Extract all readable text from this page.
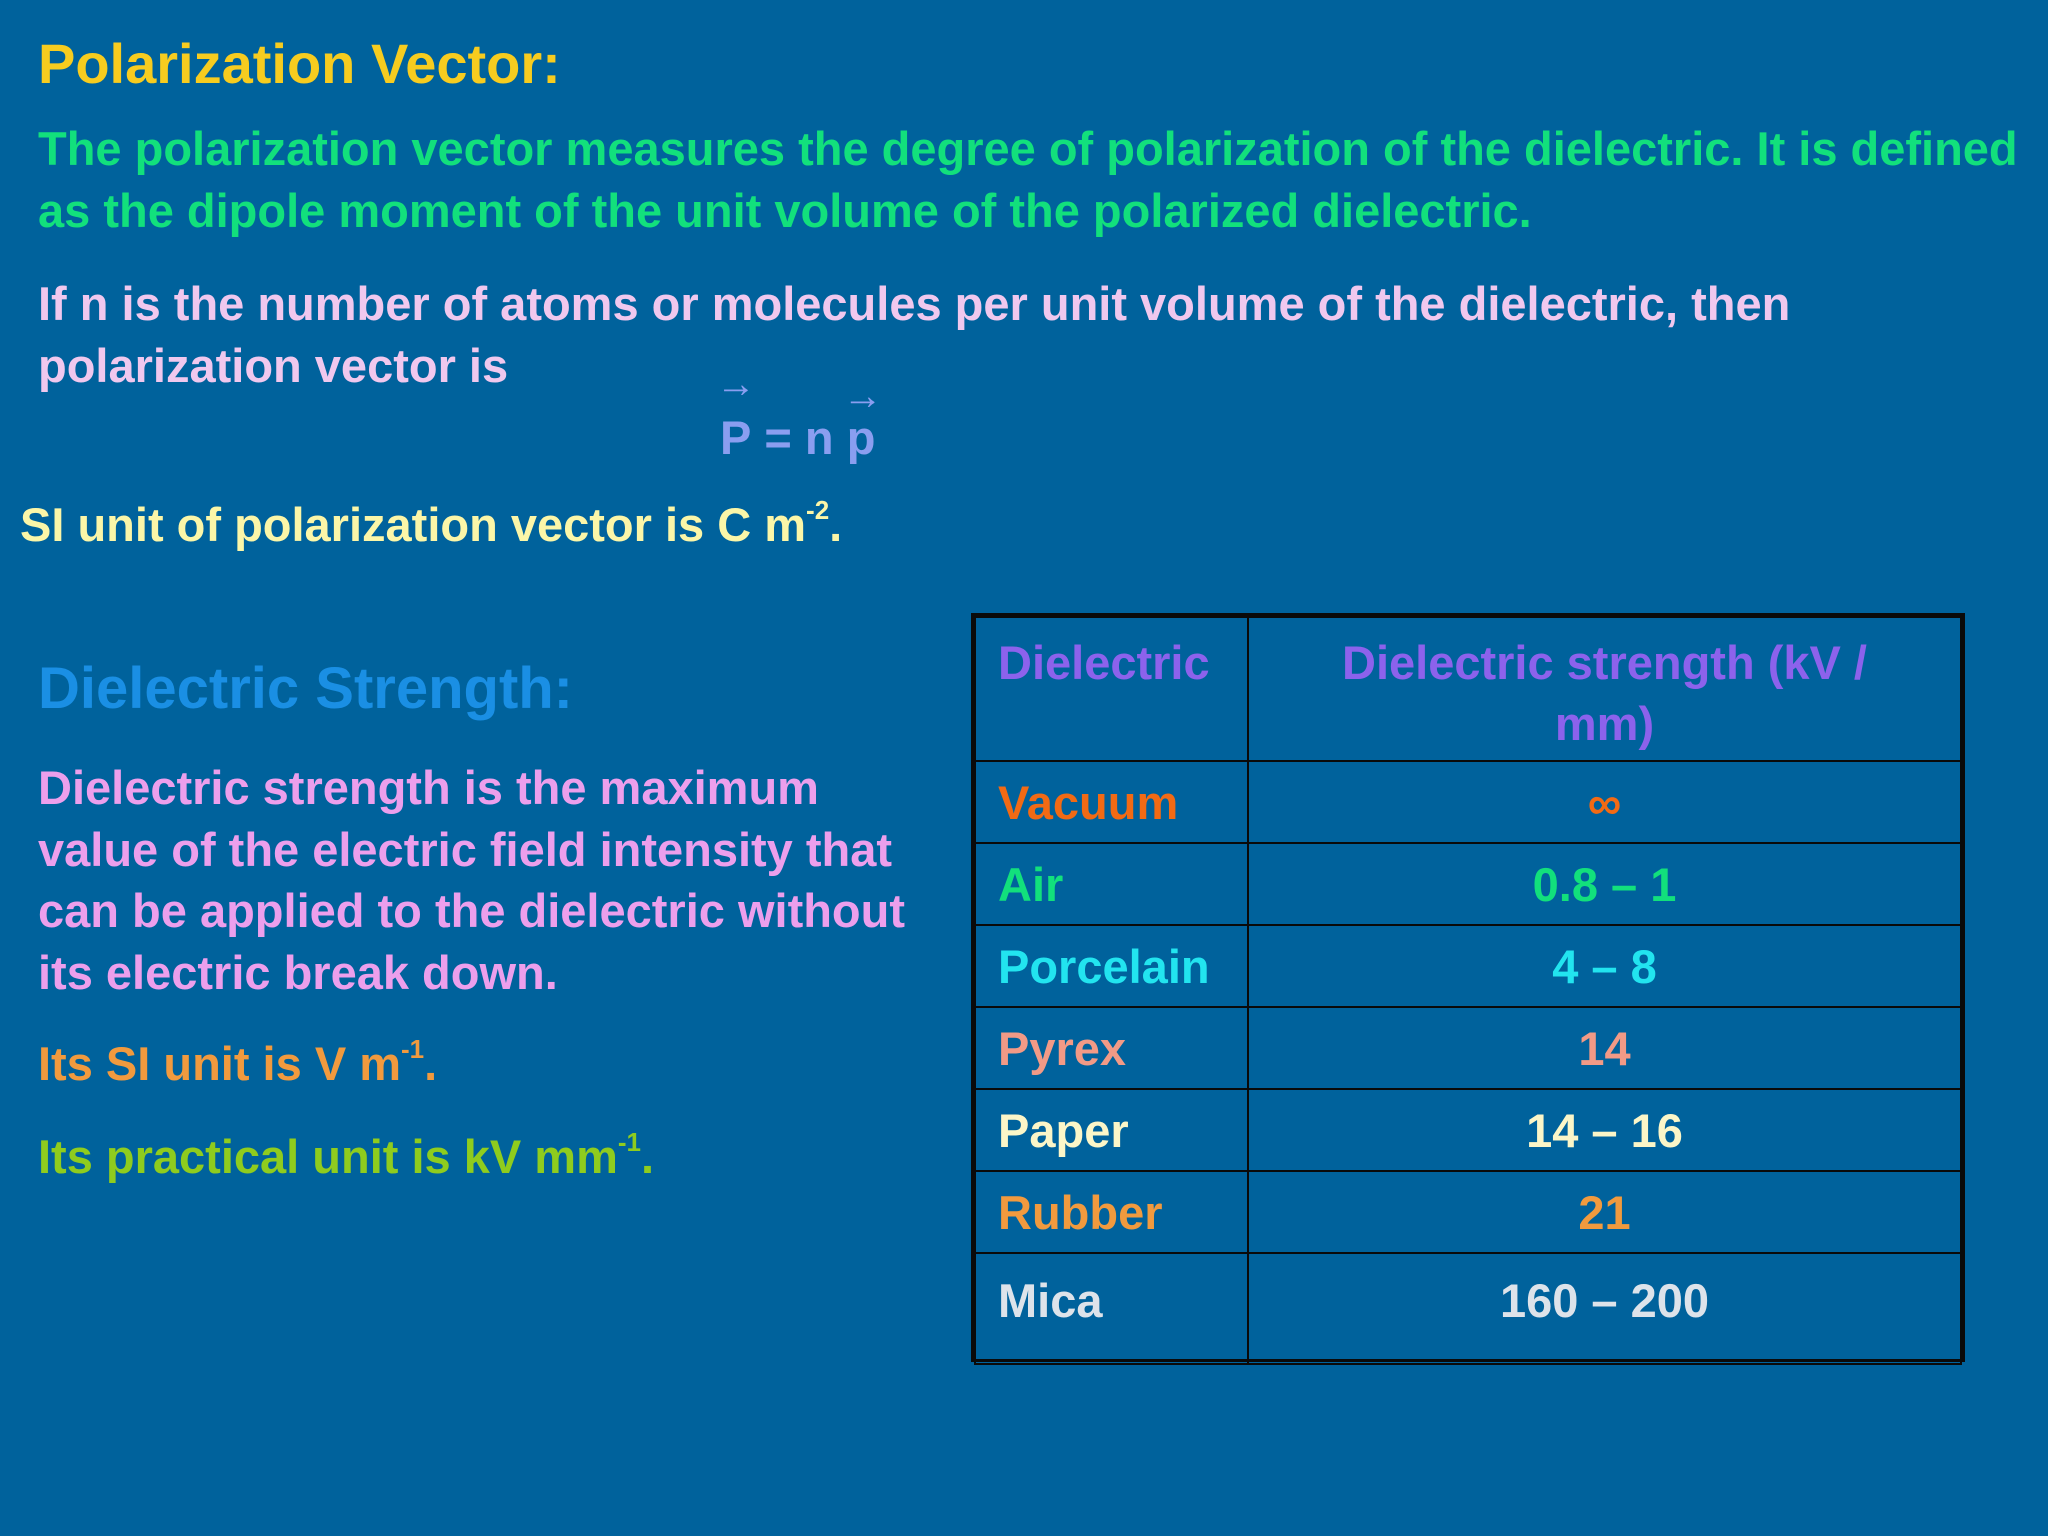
Polarization Vector:

The polarization vector measures the degree of polarization of the dielectric. It is defined as the dipole moment of the unit volume of the polarized dielectric.

If n is the number of atoms or molecules per unit volume of the dielectric, then polarization vector is	→
P = n
→
p
SI unit of polarization vector is C $m^{-2}$.
Dielectric Strength:

Dielectric strength is the maximum value of the electric field intensity that can be applied to the dielectric without its electric break down.

Its SI unit is V $m^{-1}$.
Its practical unit is kV $mm^{-1}$.
Dielectric	Dielectric strength (kV / mm)
Vacuum	∞
Air	0.8 – 1
Porcelain	4 – 8
Pyrex	14
Paper	14 – 16
Rubber	21
Mica	160 – 200
